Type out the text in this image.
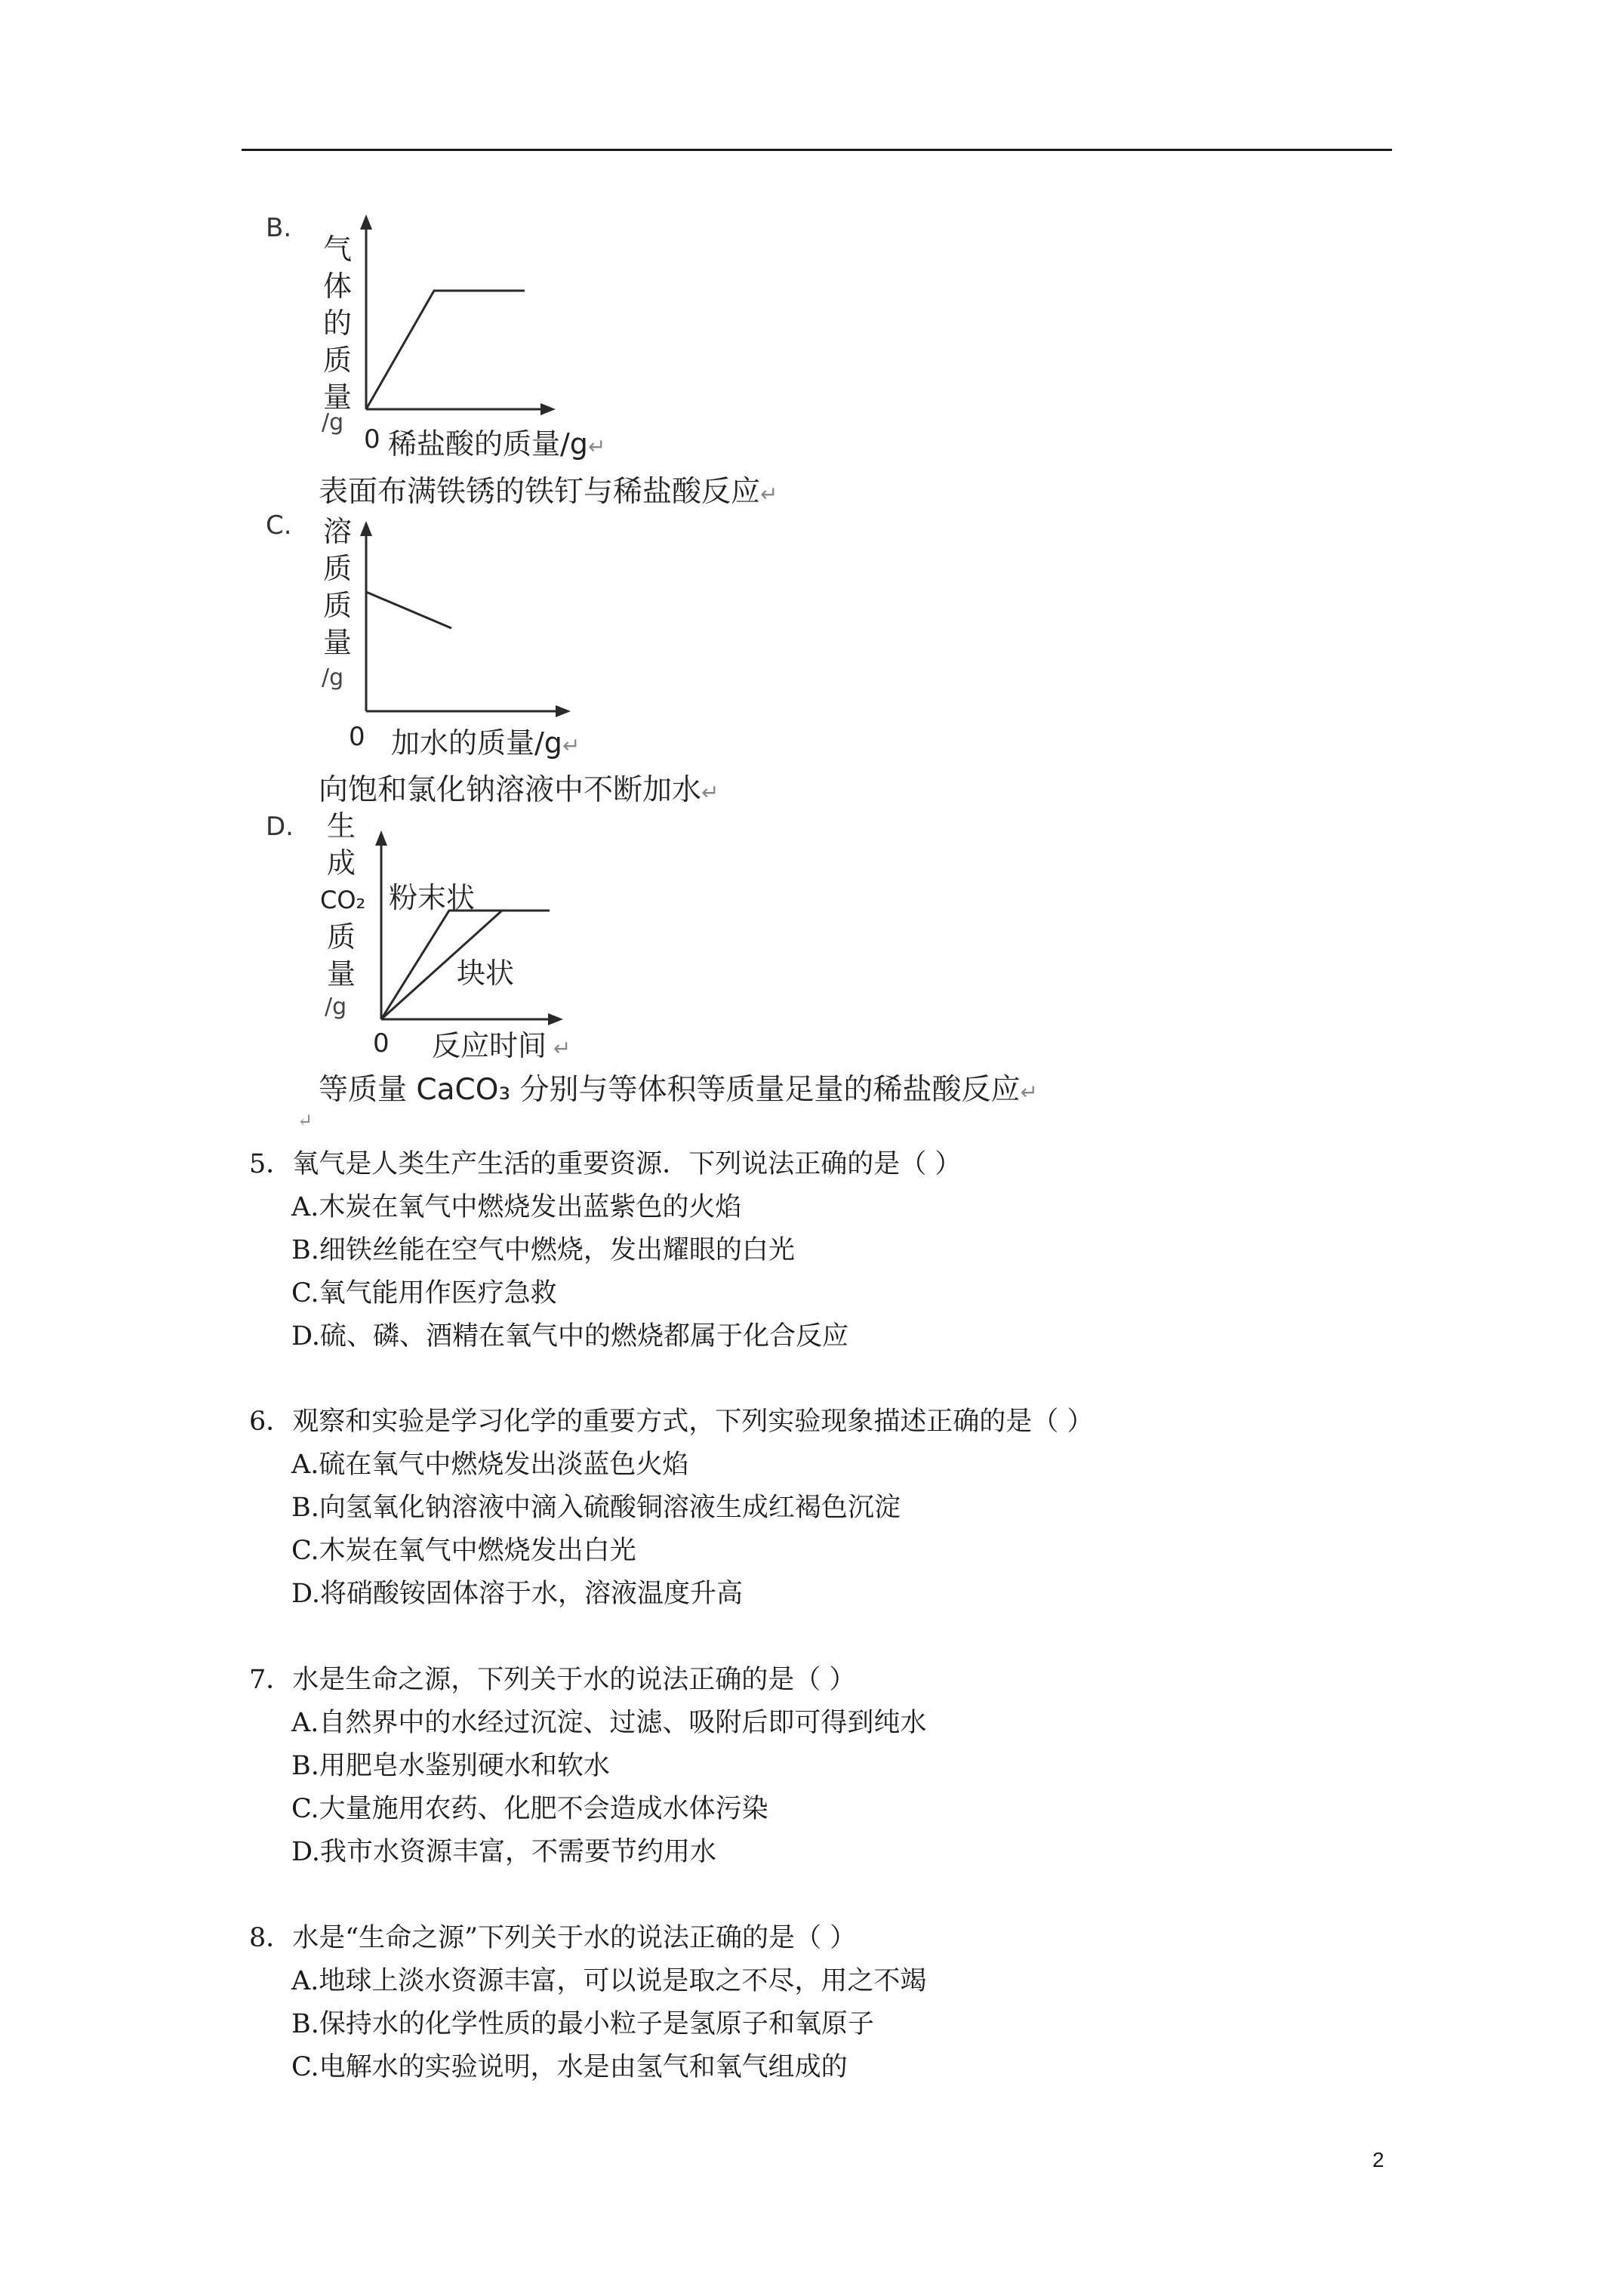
B.
气
体
的
质
量
/g
0 稀盐酸的质量/g↵
表面布满铁锈的铁钉与稀盐酸反应↵
C. 溶
质
质
量
/g
0 加水的质量/g↵
向饱和氯化钠溶液中不断加水↵
D. 生
成
CO₂
质
量
/g
粉末状
块状
0 反应时间 ↵
等质量 CaCO₃ 分别与等体积等质量足量的稀盐酸反应↵
↵
5．氧气是人类生产生活的重要资源．下列说法正确的是（ ）
A.木炭在氧气中燃烧发出蓝紫色的火焰
B.细铁丝能在空气中燃烧，发出耀眼的白光
C.氧气能用作医疗急救
D.硫、磷、酒精在氧气中的燃烧都属于化合反应
6．观察和实验是学习化学的重要方式，下列实验现象描述正确的是（ ）
A.硫在氧气中燃烧发出淡蓝色火焰
B.向氢氧化钠溶液中滴入硫酸铜溶液生成红褐色沉淀
C.木炭在氧气中燃烧发出白光
D.将硝酸铵固体溶于水，溶液温度升高
7．水是生命之源，下列关于水的说法正确的是（ ）
A.自然界中的水经过沉淀、过滤、吸附后即可得到纯水
B.用肥皂水鉴别硬水和软水
C.大量施用农药、化肥不会造成水体污染
D.我市水资源丰富，不需要节约用水
8．水是“生命之源”下列关于水的说法正确的是（ ）
A.地球上淡水资源丰富，可以说是取之不尽，用之不竭
B.保持水的化学性质的最小粒子是氢原子和氧原子
C.电解水的实验说明，水是由氢气和氧气组成的
2
